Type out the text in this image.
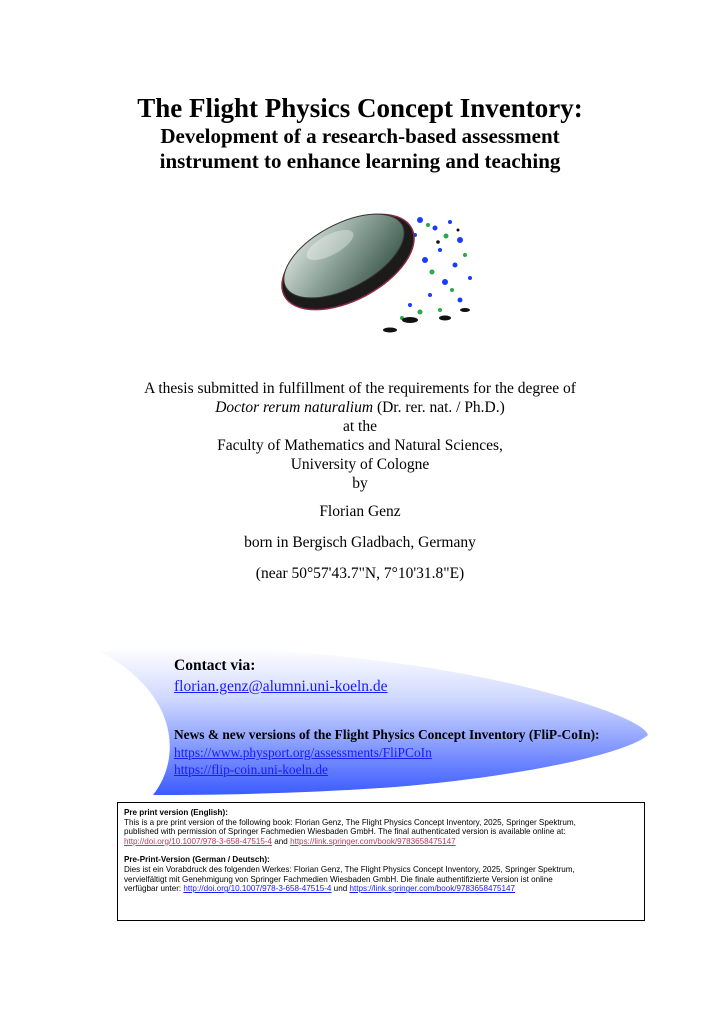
The Flight Physics Concept Inventory:
Development of a research-based assessment
instrument to enhance learning and teaching
A thesis submitted in fulfillment of the requirements for the degree of
Doctor rerum naturalium (Dr. rer. nat. / Ph.D.)
at the
Faculty of Mathematics and Natural Sciences,
University of Cologne
by
Florian Genz
born in Bergisch Gladbach, Germany
(near 50°57'43.7"N, 7°10'31.8"E)
Contact via:
florian.genz@alumni.uni-koeln.de
News & new versions of the Flight Physics Concept Inventory (FliP-CoIn):
https://www.physport.org/assessments/FliPCoIn
https://flip-coin.uni-koeln.de
Pre print version (English):
This is a pre print version of the following book: Florian Genz, The Flight Physics Concept Inventory, 2025, Springer Spektrum,
published with permission of Springer Fachmedien Wiesbaden GmbH. The final authenticated version is available online at:
http://doi.org/10.1007/978-3-658-47515-4 and https://link.springer.com/book/9783658475147
Pre-Print-Version (German / Deutsch):
Dies ist ein Vorabdruck des folgenden Werkes: Florian Genz, The Flight Physics Concept Inventory, 2025, Springer Spektrum,
vervielfältigt mit Genehmigung von Springer Fachmedien Wiesbaden GmbH. Die finale authentifizierte Version ist online
verfügbar unter: http://doi.org/10.1007/978-3-658-47515-4 und https://link.springer.com/book/9783658475147
